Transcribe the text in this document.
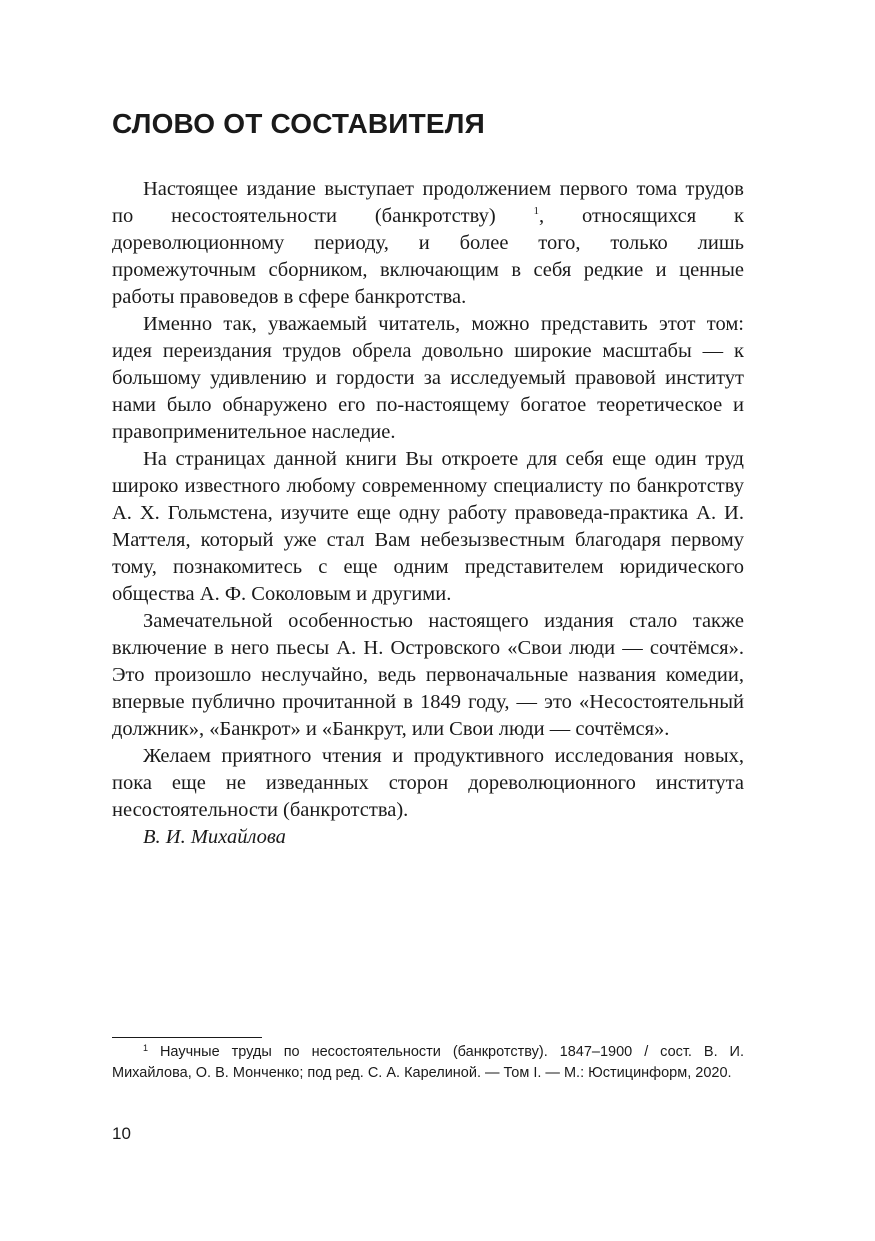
СЛОВО ОТ СОСТАВИТЕЛЯ

Настоящее издание выступает продолжением первого тома трудов по несостоятельности (банкротству)	$^1$, относящихся к дореволюционному периоду, и более того, только лишь промежуточным сборником, включающим в себя редкие и ценные работы правоведов в сфере банкротства.

Именно так, уважаемый читатель, можно представить этот том: идея переиздания трудов обрела довольно широкие масштабы — к большому удивлению и гордости за исследуемый правовой институт нами было обнаружено его по-настоящему богатое теоретическое и правоприменительное наследие.

На страницах данной книги Вы откроете для себя еще один труд широко известного любому современному специалисту по банкротству А. Х. Гольмстена, изучите еще одну работу правоведа-практика А. И. Маттеля, который уже стал Вам небезызвестным благодаря первому тому, познакомитесь с еще одним представителем юридического общества А. Ф. Соколовым и другими.

Замечательной особенностью настоящего издания стало также включение в него пьесы А. Н. Островского «Свои люди — сочтёмся». Это произошло неслучайно, ведь первоначальные названия комедии, впервые публично прочитанной в 1849 году, — это «Несостоятельный должник», «Банкрот» и «Банкрут, или Свои люди — сочтёмся».

Желаем приятного чтения и продуктивного исследования новых, пока еще не изведанных сторон дореволюционного института несостоятельности (банкротства).

В. И. Михайлова

$^1$ Научные труды по несостоятельности (банкротству). 1847–1900 / сост. В. И. Михайлова, О. В. Монченко; под ред. С. А. Карелиной. — Том I. — М.: Юстицинформ, 2020.

10
